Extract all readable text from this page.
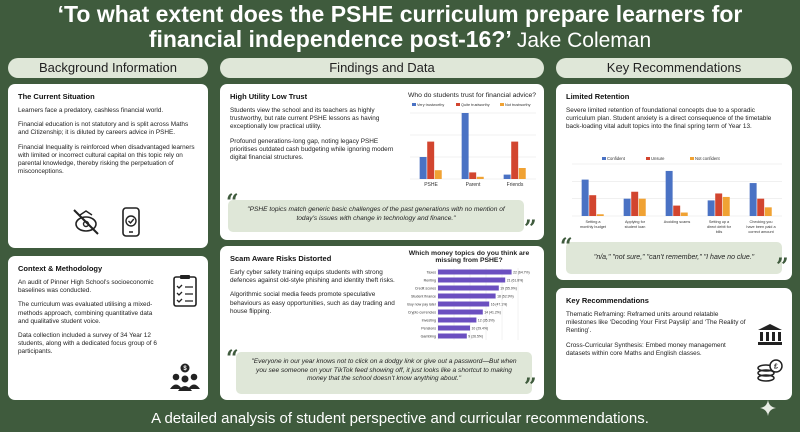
‘To what extent does the PSHE curriculum prepare learners for
financial independence post-16?’ Jake Coleman
Background Information	Findings and Data	Key Recommendations
The Current Situation
Learners face a predatory, cashless financial world.
Financial education is not statutory and is split across Maths and Citizenship; it is diluted by careers advice in PSHE.
Financial Inequality is reinforced when disadvantaged learners with limited or incorrect cultural capital on this topic rely on parental knowledge, thereby risking the perpetuation of misconceptions.
Context & Methodology
An audit of Pinner High School’s socioeconomic baselines was conducted.
The curriculum was evaluated utilising a mixed-methods approach, combining quantitative data and qualitative student voice.
Data collection included a survey of 34 Year 12 students, along with a dedicated focus group of 6 participants.
$
High Utility Low Trust
Students view the school and its teachers as highly trustworthy, but rate current PSHE lessons as having exceptionally low practical utility.
Profound generations-long gap, noting legacy PSHE prioritises outdated cash budgeting while ignoring modern digital financial structures.
Who do students trust for financial advice?
PSHE	Parent	Friends
Very trustworthy	Quite trustworthy	Not trustworthy
"PSHE topics match generic basic challenges of the past generations with no mention of today’s issues with change in technology and finance."
“
”
Scam Aware Risks Distorted
Early cyber safety training equips students with strong defences against old-style phishing and identity theft risks.
Algorithmic social media feeds promote speculative behaviours as easy opportunities, such as day trading and house flipping.
Which money topics do you think are missing from PSHE?
Taxes	22 (64.7%)
Renting	21 (61.8%)
Credit scores	19 (55.9%)
Student finance	18 (52.9%)
Buy now pay later	16 (47.1%)
Crypto currencies	14 (41.2%)
Investing	12 (35.3%)
Pensions	10 (29.4%)
Gambling	9 (26.5%)
"Everyone in our year knows not to click on a dodgy link or give out a password—But when you see someone on your TikTok feed showing off, it just looks like a shortcut to making money that the school doesn’t know anything about."
“
”
Limited Retention
Severe limited retention of foundational concepts due to a sporadic curriculum plan. Student anxiety is a direct consequence of the timetable back-loading vital adult topics into the final spring term of Year 13.
Setting a
monthly budget
Applying for
student loan
Avoiding scams	Setting up a
direct debit for
bills
Checking you
have been paid a
correct amount
Confident	Unsure	Not confident
"n/a," "not sure," "can’t remember," "I have no clue."
“
”
Key Recommendations
Thematic Reframing: Reframed units around relatable milestones like ‘Decoding Your First Payslip’ and ‘The Reality of Renting’.
Cross-Curricular Synthesis: Embed money management datasets within core Maths and English classes.
£
A detailed analysis of student perspective and curricular recommendations.
